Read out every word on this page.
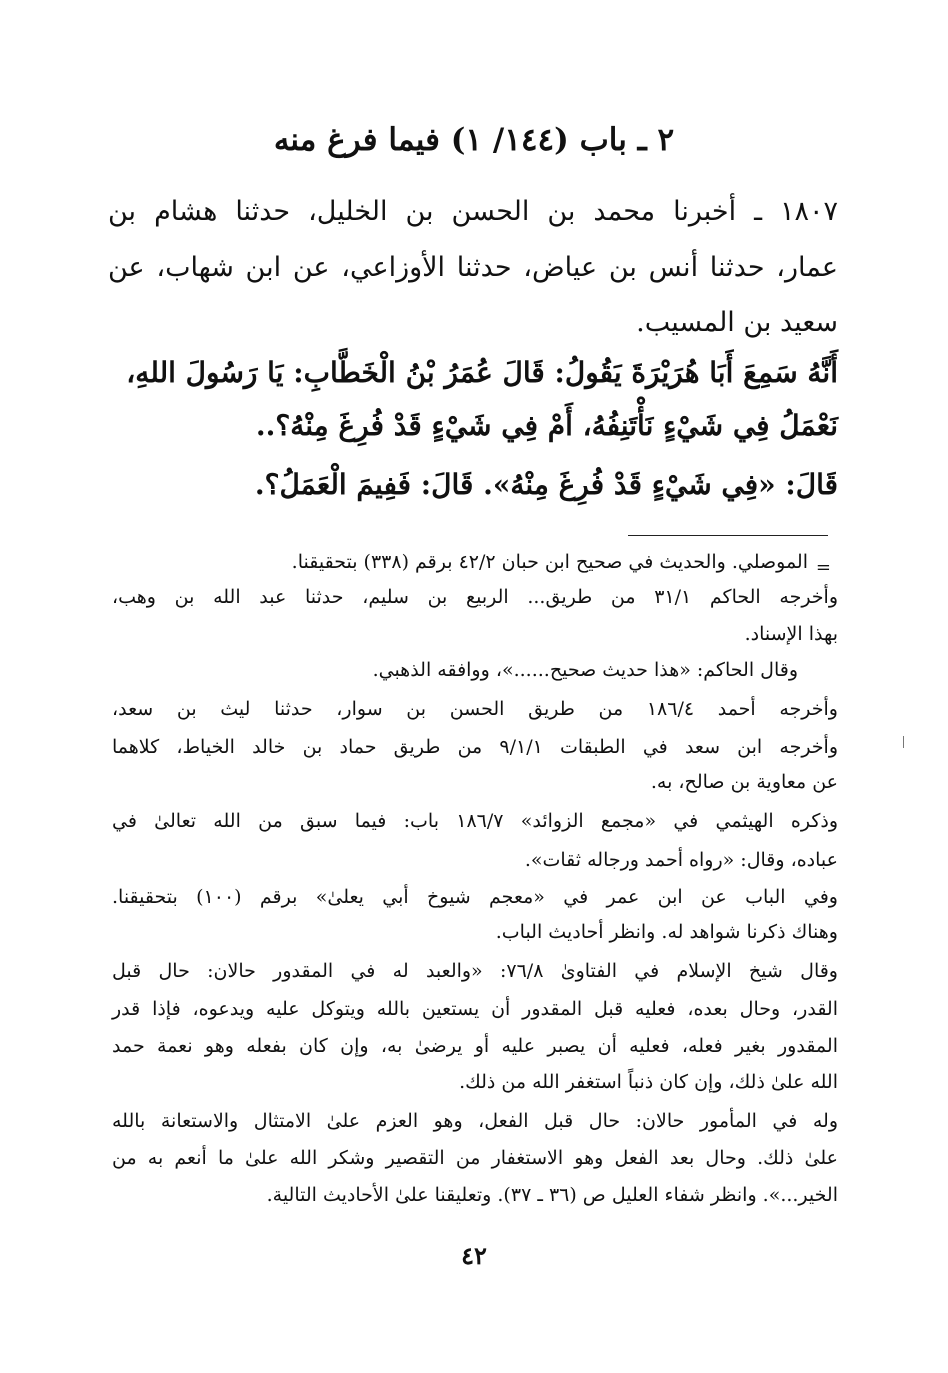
٢ ـ باب (١٤٤/ ١) فيما فرغ منه
١٨٠٧ ـ أخبرنا محمد بن الحسن بن الخليل، حدثنا هشام بن
عمار، حدثنا أنس بن عياض، حدثنا الأوزاعي، عن ابن شهاب، عن
سعيد بن المسيب.
أَنَّهُ سَمِعَ أَبَا هُرَيْرَةَ يَقُولُ: قَالَ عُمَرُ بْنُ الْخَطَّابِ: يَا رَسُولَ اللهِ،
نَعْمَلُ فِي شَيْءٍ نَأْتَنِفُهُ، أَمْ فِي شَيْءٍ قَدْ فُرِغَ مِنْهُ؟..
قَالَ: «فِي شَيْءٍ قَدْ فُرِغَ مِنْهُ». قَالَ: فَفِيمَ الْعَمَلُ؟.
=
الموصلي. والحديث في صحيح ابن حبان ٤٢/٢ برقم (٣٣٨) بتحقيقنا.
وأخرجه الحاكم ٣١/١ من طريق... الربيع بن سليم، حدثنا عبد الله بن وهب،
بهذا الإسناد.
وقال الحاكم: «هذا حديث صحيح......»، ووافقه الذهبي.
وأخرجه أحمد ١٨٦/٤ من طريق الحسن بن سوار، حدثنا ليث بن سعد،
وأخرجه ابن سعد في الطبقات ٩/١/١ من طريق حماد بن خالد الخياط، كلاهما
عن معاوية بن صالح، به.
وذكره الهيثمي في «مجمع الزوائد» ١٨٦/٧ باب: فيما سبق من الله تعالىٰ في
عباده، وقال: «رواه أحمد ورجاله ثقات».
وفي الباب عن ابن عمر في «معجم شيوخ أبي يعلىٰ» برقم (١٠٠) بتحقيقنا.
وهناك ذكرنا شواهد له. وانظر أحاديث الباب.
وقال شيخ الإسلام في الفتاوىٰ ٧٦/٨: «والعبد له في المقدور حالان: حال قبل
القدر، وحال بعده، فعليه قبل المقدور أن يستعين بالله ويتوكل عليه ويدعوه، فإذا قدر
المقدور بغير فعله، فعليه أن يصبر عليه أو يرضىٰ به، وإن كان بفعله وهو نعمة حمد
الله علىٰ ذلك، وإن كان ذنباً استغفر الله من ذلك.
وله في المأمور حالان: حال قبل الفعل، وهو العزم علىٰ الامتثال والاستعانة بالله
علىٰ ذلك. وحال بعد الفعل وهو الاستغفار من التقصير وشكر الله علىٰ ما أنعم به من
الخير...». وانظر شفاء العليل ص (٣٦ ـ ٣٧). وتعليقنا علىٰ الأحاديث التالية.
٤٢
